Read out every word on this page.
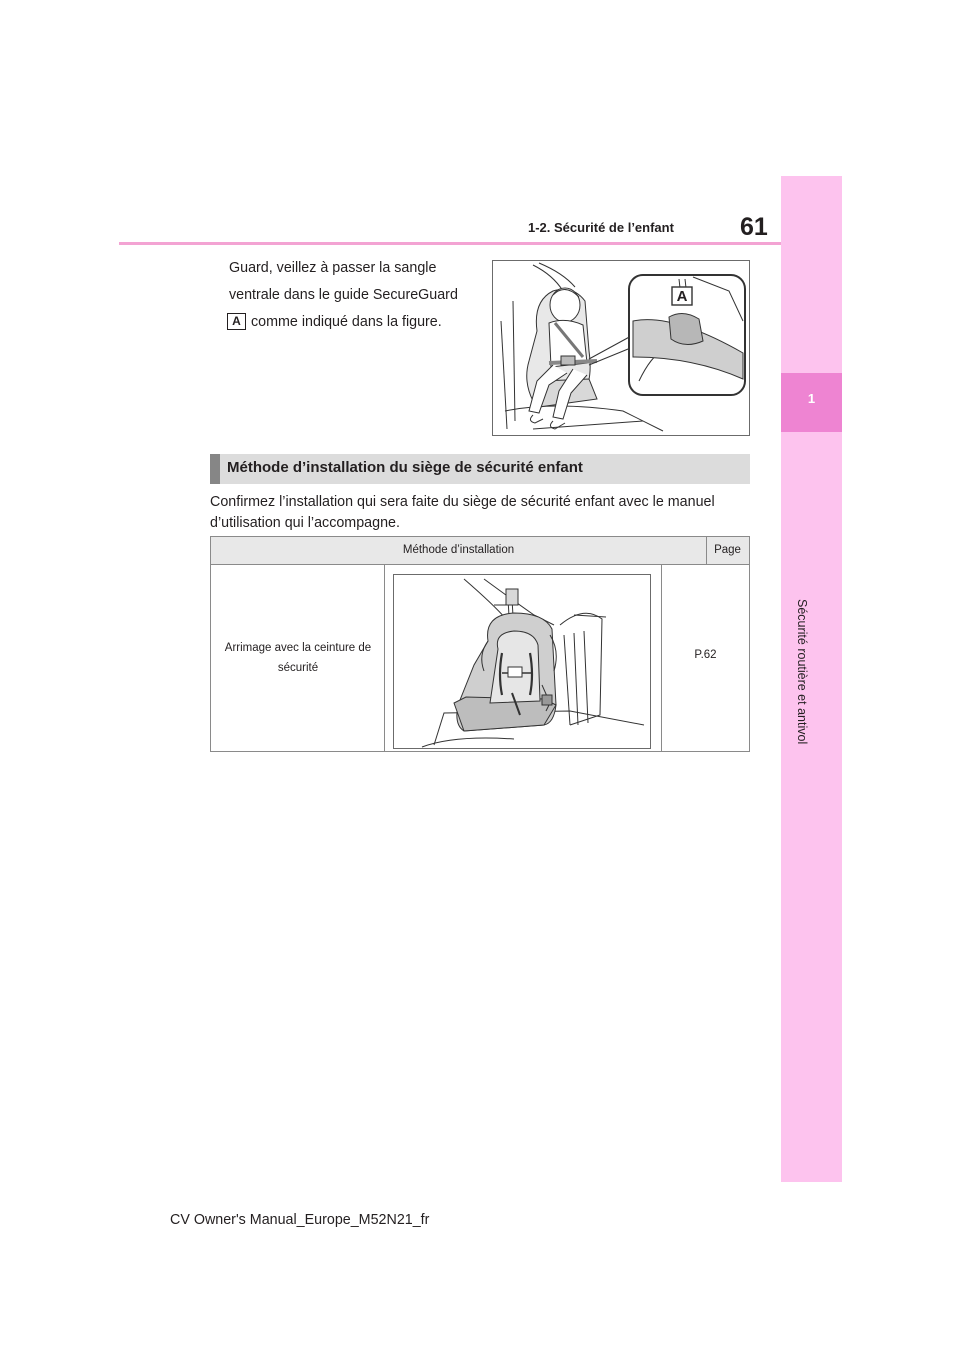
61
1-2. Sécurité de l’enfant
1
Sécurité routière et antivol
Guard, veillez à passer la sangle
ventrale dans le guide SecureGuard
A comme indiqué dans la figure.
A
Méthode d’installation du siège de sécurité enfant
Confirmez l’installation qui sera faite du siège de sécurité enfant avec le manuel d’utilisation qui l’accompagne.
Méthode d’installation	Page
Arrimage avec la ceinture de sécurité
P.62
CV Owner's Manual_Europe_M52N21_fr
